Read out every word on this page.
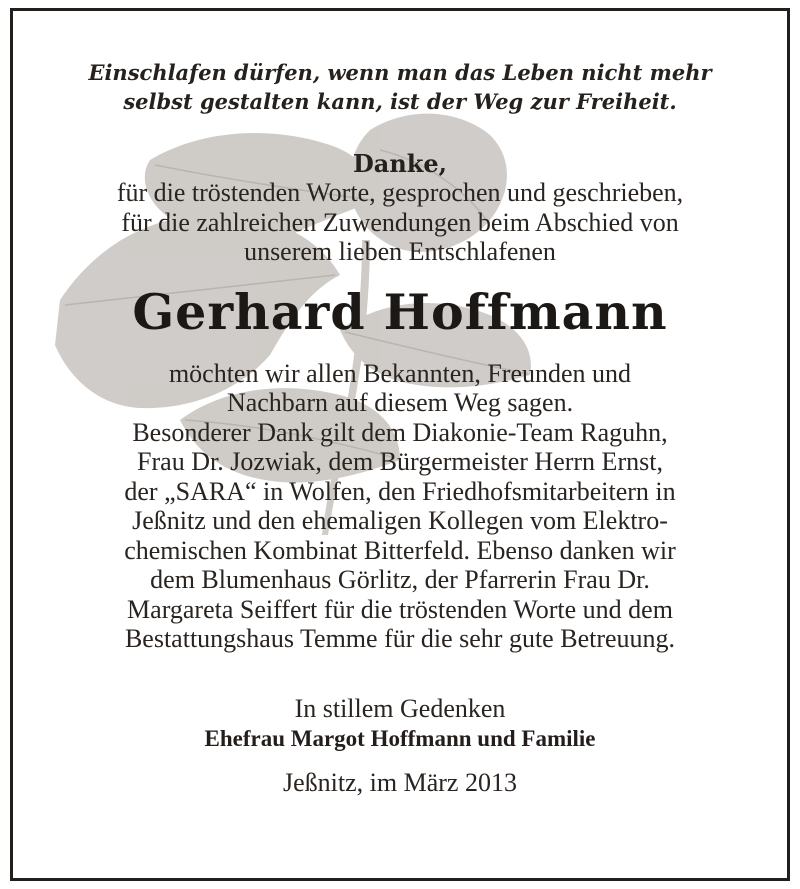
Einschlafen dürfen, wenn man das Leben nicht mehr
selbst gestalten kann, ist der Weg zur Freiheit.
Danke,
für die tröstenden Worte, gesprochen und geschrieben,
für die zahlreichen Zuwendungen beim Abschied von
unserem lieben Entschlafenen
Gerhard Hoffmann
möchten wir allen Bekannten, Freunden und
Nachbarn auf diesem Weg sagen.
Besonderer Dank gilt dem Diakonie-Team Raguhn,
Frau Dr. Jozwiak, dem Bürgermeister Herrn Ernst,
der „SARA“ in Wolfen, den Friedhofsmitarbeitern in
Jeßnitz und den ehemaligen Kollegen vom Elektro-
chemischen Kombinat Bitterfeld. Ebenso danken wir
dem Blumenhaus Görlitz, der Pfarrerin Frau Dr.
Margareta Seiffert für die tröstenden Worte und dem
Bestattungshaus Temme für die sehr gute Betreuung.
In stillem Gedenken
Ehefrau Margot Hoffmann und Familie
Jeßnitz, im März 2013
